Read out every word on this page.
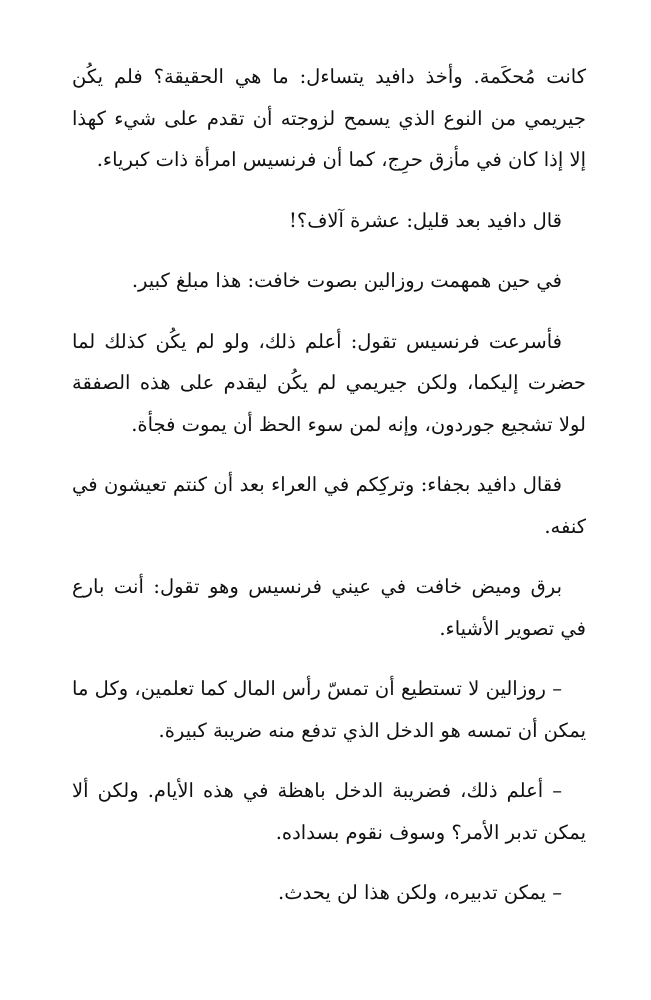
كانت مُحكَمة. وأخذ دافيد يتساءل: ما هي الحقيقة؟ فلم يكُن جيريمي من النوع الذي يسمح لزوجته أن تقدم على شيء كهذا إلا إذا كان في مأزق حرِج، كما أن فرنسيس امرأة ذات كبرياء.

قال دافيد بعد قليل: عشرة آلاف؟!

في حين همهمت روزالين بصوت خافت: هذا مبلغ كبير.

فأسرعت فرنسيس تقول: أعلم ذلك، ولو لم يكُن كذلك لما حضرت إليكما، ولكن جيريمي لم يكُن ليقدم على هذه الصفقة لولا تشجيع جوردون، وإنه لمن سوء الحظ أن يموت فجأة.

فقال دافيد بجفاء: وتركِكم في العراء بعد أن كنتم تعيشون في كنفه.

برق وميض خافت في عيني فرنسيس وهو تقول: أنت بارع في تصوير الأشياء.

– روزالين لا تستطيع أن تمسّ رأس المال كما تعلمين، وكل ما يمكن أن تمسه هو الدخل الذي تدفع منه ضريبة كبيرة.

– أعلم ذلك، فضريبة الدخل باهظة في هذه الأيام. ولكن ألا يمكن تدبر الأمر؟ وسوف نقوم بسداده.

– يمكن تدبيره، ولكن هذا لن يحدث.
